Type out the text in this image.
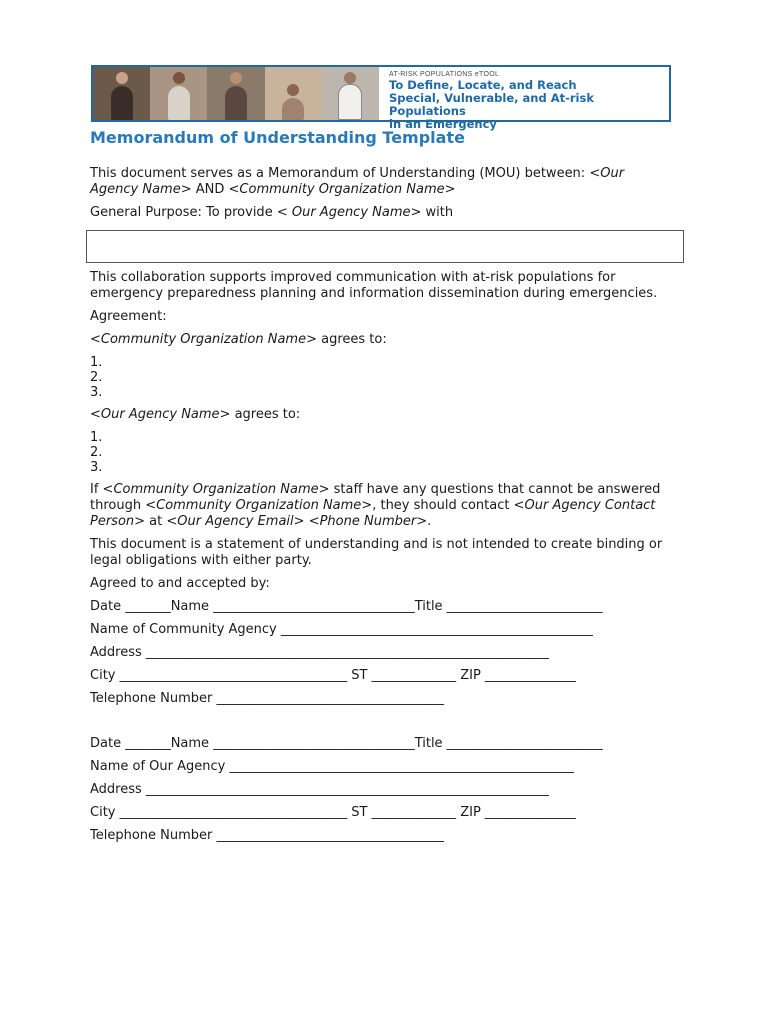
AT-RISK POPULATIONS eTOOL
To Define, Locate, and Reach
Special, Vulnerable, and At-risk Populations
in an Emergency
Memorandum of Understanding Template

This document serves as a Memorandum of Understanding (MOU) between: <Our Agency Name> AND <Community Organization Name>

General Purpose: To provide < Our Agency Name> with

This collaboration supports improved communication with at-risk populations for emergency preparedness planning and information dissemination during emergencies.

Agreement:

<Community Organization Name> agrees to:

1.
2.
3.

<Our Agency Name> agrees to:

1.
2.
3.

If <Community Organization Name> staff have any questions that cannot be answered through <Community Organization Name>, they should contact <Our Agency Contact Person> at <Our Agency Email> <Phone Number>.

This document is a statement of understanding and is not intended to create binding or legal obligations with either party.

Agreed to and accepted by:

Date _______Name _______________________________Title ________________________
Name of Community Agency ________________________________________________
Address ______________________________________________________________
City ___________________________________ ST _____________ ZIP ______________
Telephone Number ___________________________________
Date _______Name _______________________________Title ________________________
Name of Our Agency _____________________________________________________
Address ______________________________________________________________
City ___________________________________ ST _____________ ZIP ______________
Telephone Number ___________________________________
